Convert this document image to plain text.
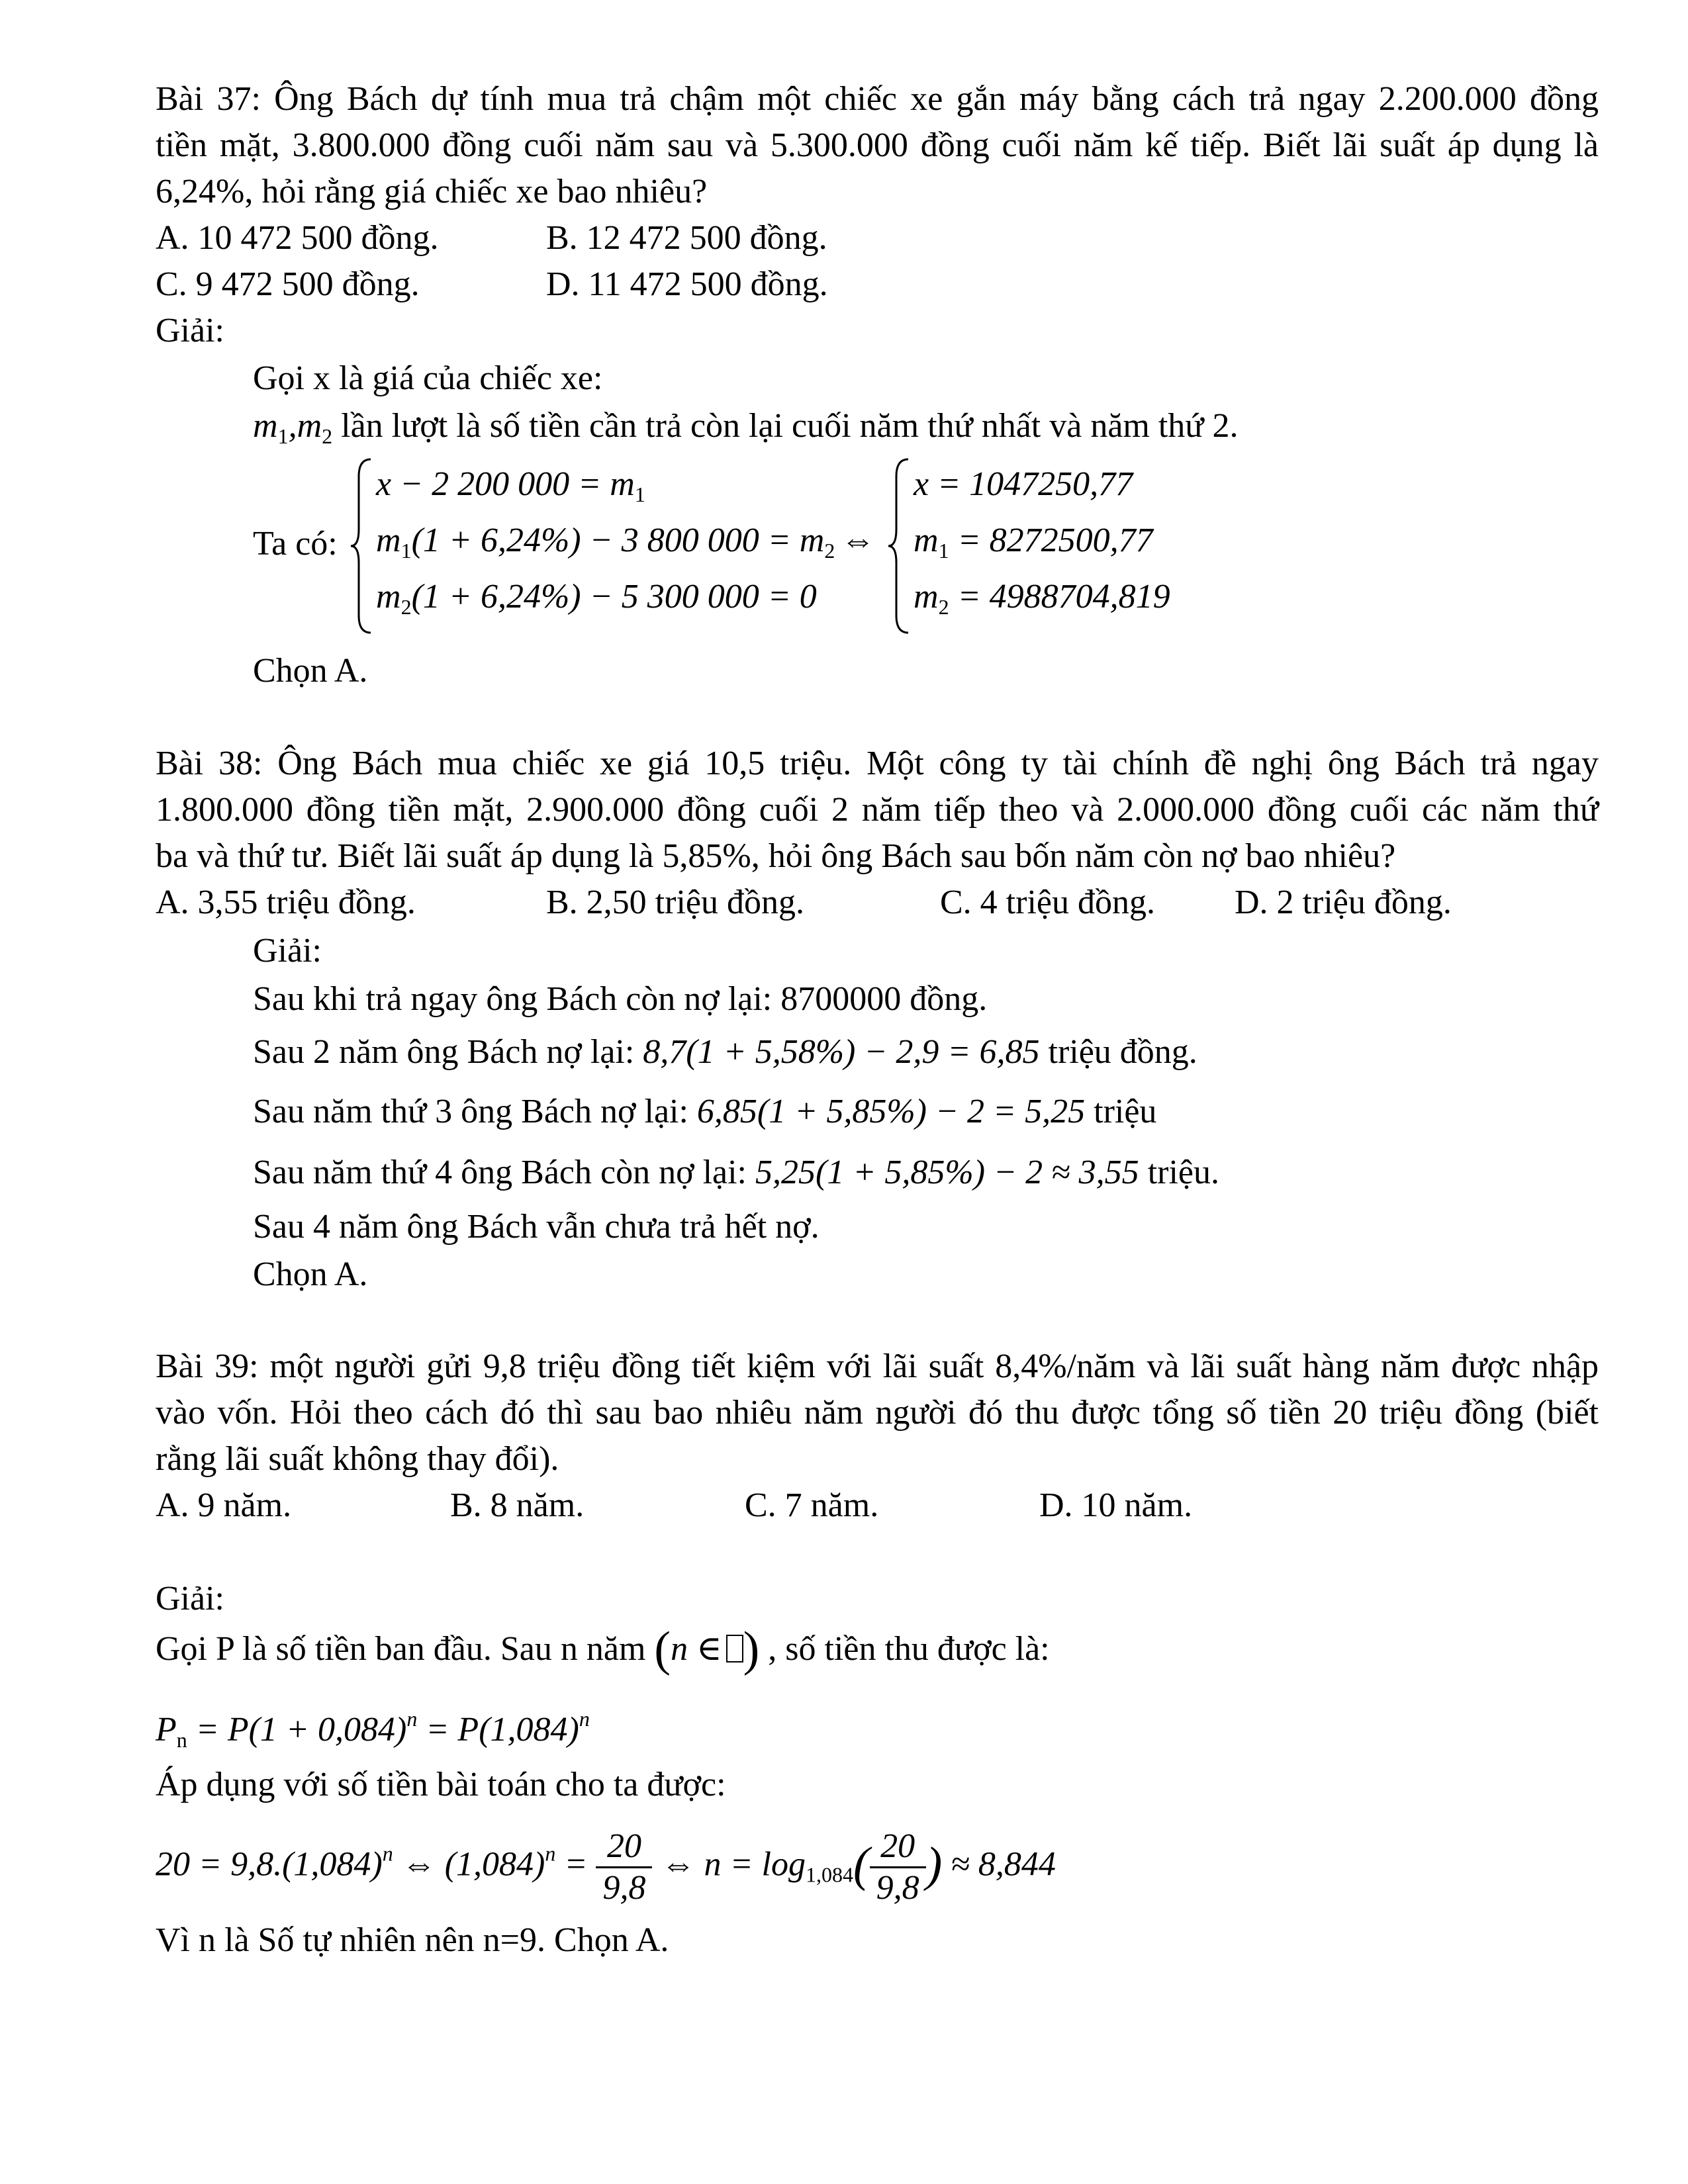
Bài 37: Ông Bách dự tính mua trả chậm một chiếc xe gắn máy bằng cách trả ngay 2.200.000 đồng
tiền mặt, 3.800.000 đồng cuối năm sau và 5.300.000 đồng cuối năm kế tiếp. Biết lãi suất áp dụng là
6,24%, hỏi rằng giá chiếc xe bao nhiêu?
A. 10 472 500 đồng.	B. 12 472 500 đồng.
C. 9 472 500 đồng.	D. 11 472 500 đồng.
Giải:
Gọi x là giá của chiếc xe:
$m_1,m_2$ lần lượt là số tiền cần trả còn lại cuối năm thứ nhất và năm thứ 2.
Ta có:
x − 2 200 $000 = m_1$
$m_1(1 + 6,24\%) - 3$ 800 $000 = m_2$
$m_2(1 + 6,24\%) - 5$ 300 000 = 0
⇔
x = 1047250,77
$m_1 = 8272500,77$
$m_2 = 4988704,819$
Chọn A.
Bài 38: Ông Bách mua chiếc xe giá 10,5 triệu. Một công ty tài chính đề nghị ông Bách trả ngay
1.800.000 đồng tiền mặt, 2.900.000 đồng cuối 2 năm tiếp theo và 2.000.000 đồng cuối các năm thứ
ba và thứ tư. Biết lãi suất áp dụng là 5,85%, hỏi ông Bách sau bốn năm còn nợ bao nhiêu?
A. 3,55 triệu đồng.	B. 2,50 triệu đồng.	C. 4 triệu đồng. D. 2 triệu đồng.
Giải:
Sau khi trả ngay ông Bách còn nợ lại: 8700000 đồng.
Sau 2 năm ông Bách nợ lại: 8,7(1 + 5,58%) − 2,9 = 6,85 triệu đồng.
Sau năm thứ 3 ông Bách nợ lại: 6,85(1 + 5,85%) − 2 = 5,25 triệu
Sau năm thứ 4 ông Bách còn nợ lại: 5,25(1 + 5,85%) − 2 ≈ 3,55 triệu.
Sau 4 năm ông Bách vẫn chưa trả hết nợ.
Chọn A.
Bài 39: một người gửi 9,8 triệu đồng tiết kiệm với lãi suất 8,4%/năm và lãi suất hàng năm được nhập
vào vốn. Hỏi theo cách đó thì sau bao nhiêu năm người đó thu được tổng số tiền 20 triệu đồng (biết
rằng lãi suất không thay đổi).
A. 9 năm.	B. 8 năm.	C. 7 năm.	D. 10 năm.
Giải:
Gọi P là số tiền ban đầu. Sau n năm (n ∈ ) , số tiền thu được là:
$P_n = P(1 + 0,084)^n = P(1,084)^n$
Áp dụng với số tiền bài toán cho ta được:
$20 = 9,8.(1,084)^n$ ⇔ $(1,084)^n = \frac{20}{9,8}$ ⇔ $n = \log_{1,084}( \frac{20}{9,8}$ ) ≈ 8,844
Vì n là Số tự nhiên nên n=9. Chọn A.
